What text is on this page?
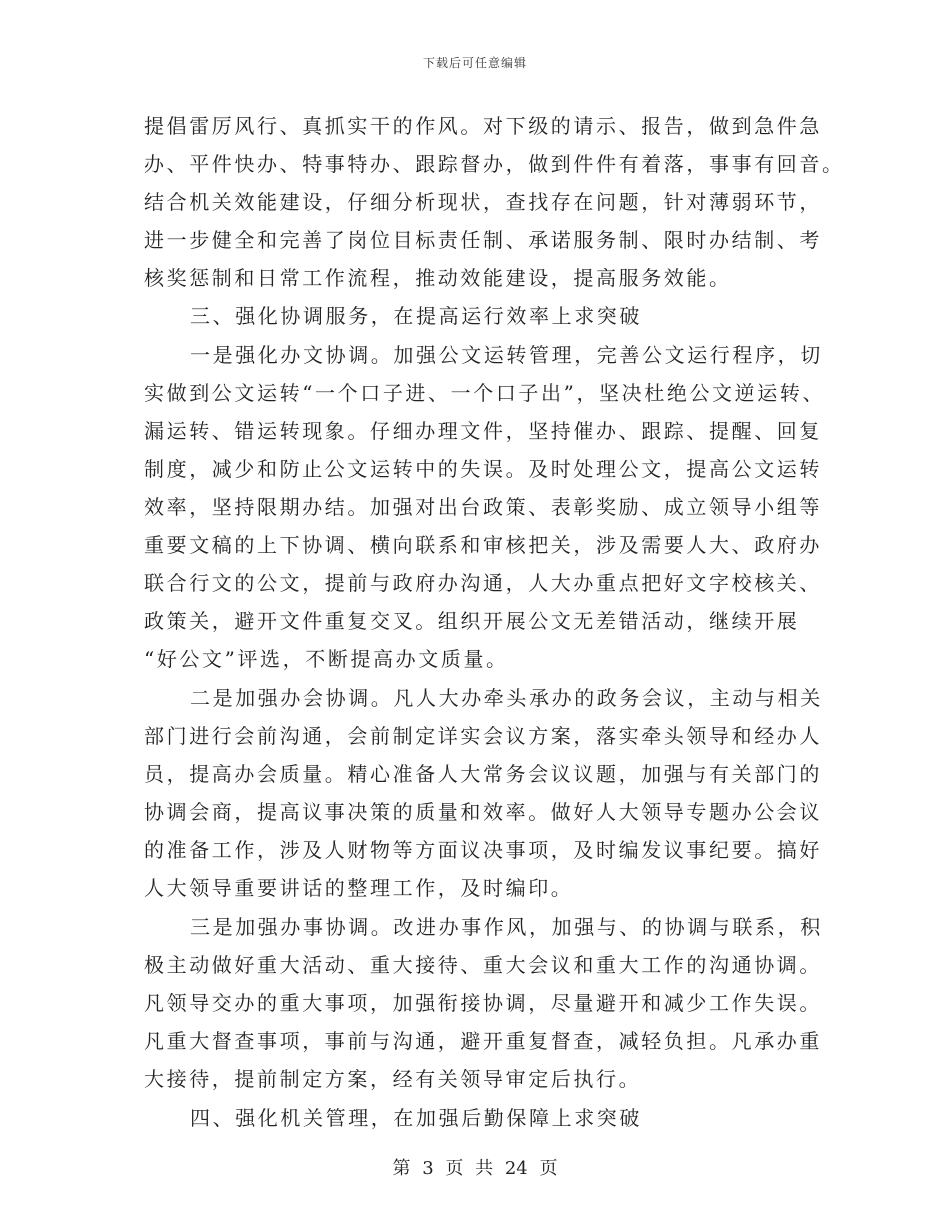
下载后可任意编辑
提倡雷厉风行、真抓实干的作风。对下级的请示、报告，做到急件急
办、平件快办、特事特办、跟踪督办，做到件件有着落，事事有回音。
结合机关效能建设，仔细分析现状，查找存在问题，针对薄弱环节，
进一步健全和完善了岗位目标责任制、承诺服务制、限时办结制、考
核奖惩制和日常工作流程，推动效能建设，提高服务效能。
三、强化协调服务，在提高运行效率上求突破
一是强化办文协调。加强公文运转管理，完善公文运行程序，切
实做到公文运转“一个口子进、一个口子出”，坚决杜绝公文逆运转、
漏运转、错运转现象。仔细办理文件，坚持催办、跟踪、提醒、回复
制度，减少和防止公文运转中的失误。及时处理公文，提高公文运转
效率，坚持限期办结。加强对出台政策、表彰奖励、成立领导小组等
重要文稿的上下协调、横向联系和审核把关，涉及需要人大、政府办
联合行文的公文，提前与政府办沟通，人大办重点把好文字校核关、
政策关，避开文件重复交叉。组织开展公文无差错活动，继续开展
“好公文”评选，不断提高办文质量。
二是加强办会协调。凡人大办牵头承办的政务会议，主动与相关
部门进行会前沟通，会前制定详实会议方案，落实牵头领导和经办人
员，提高办会质量。精心准备人大常务会议议题，加强与有关部门的
协调会商，提高议事决策的质量和效率。做好人大领导专题办公会议
的准备工作，涉及人财物等方面议决事项，及时编发议事纪要。搞好
人大领导重要讲话的整理工作，及时编印。
三是加强办事协调。改进办事作风，加强与、的协调与联系，积
极主动做好重大活动、重大接待、重大会议和重大工作的沟通协调。
凡领导交办的重大事项，加强衔接协调，尽量避开和减少工作失误。
凡重大督查事项，事前与沟通，避开重复督查，减轻负担。凡承办重
大接待，提前制定方案，经有关领导审定后执行。
四、强化机关管理，在加强后勤保障上求突破
第 3 页 共 24 页
